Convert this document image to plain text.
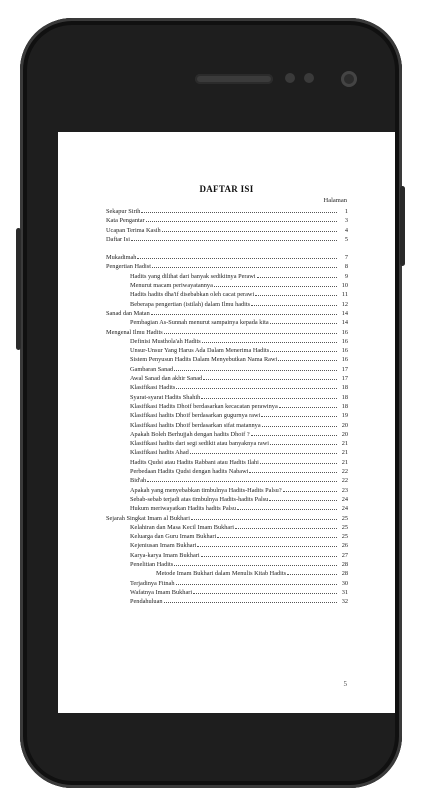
DAFTAR ISI
Halaman
Sekapur Sirih	1
Kata Pengantar	3
Ucapan Terima Kasih	4
Daftar Isi	5
Mukadimah	7
Pengertian Hadist	8
Hadits yang dilihat dari banyak sedikitnya Perawi	9
Menurut macam periwayatannya	10
Hadits hadits dha'if disebabkan oleh cacat perawi	11
Beberapa pengertian (istilah) dalam Ilmu hadits	12
Sanad dan Matan	14
Pembagian As-Sunnah menurut sampainya kepada kita	14
Mengenal Ilmu Hadits	16
Definisi Musthola'ah Hadits	16
Unsur-Unsur Yang Harus Ada Dalam Menerima Hadits	16
Sistem Penyusun Hadits Dalam Menyebutkan Nama Rawi	16
Gambaran Sanad	17
Awal Sanad dan akhir Sanad	17
Klasifikasi Hadits	18
Syarat-syarat Hadits Shahih	18
Klasifikasi Hadits Dhoif berdasarkan kecacatan perawinya	18
Klasifikasi hadits Dhoif berdasarkan gugurnya rawi	19
Klasifikasi hadits Dhoif berdasarkan sifat matannya	20
Apakah Boleh Berhujjah dengan hadits Dhoif ?	20
Klasifikasi hadits dari segi sedikit atau banyaknya rawi	21
Klasifikasi hadits Ahad	21
Hadits Qudsi atau Hadits Rabbani atau Hadits Ilahi	21
Perbedaan Hadits Qudsi dengan hadits Nabawi	22
Bid'ah	22
Apakah yang menyebabkan timbulnya Hadits-Hadits Palsu?	23
Sebab-sebab terjadi atas timbulnya Hadits-hadits Palsu	24
Hukum meriwayatkan Hadits hadits Palsu	24
Sejarah Singkat Imam al Bukhari	25
Kelahiran dan Masa Kecil Imam Bukhari	25
Keluarga dan Guru Imam Bukhari	25
Kejeniusan Imam Bukhari	26
Karya-karya Imam Bukhari	27
Penelitian Hadits	28
Metode Imam Bukhari dalam Menulis Kitab Hadits	28
Terjadinya Fitnah	30
Wafatnya Imam Bukhari	31
Pendahuluan	32
5
